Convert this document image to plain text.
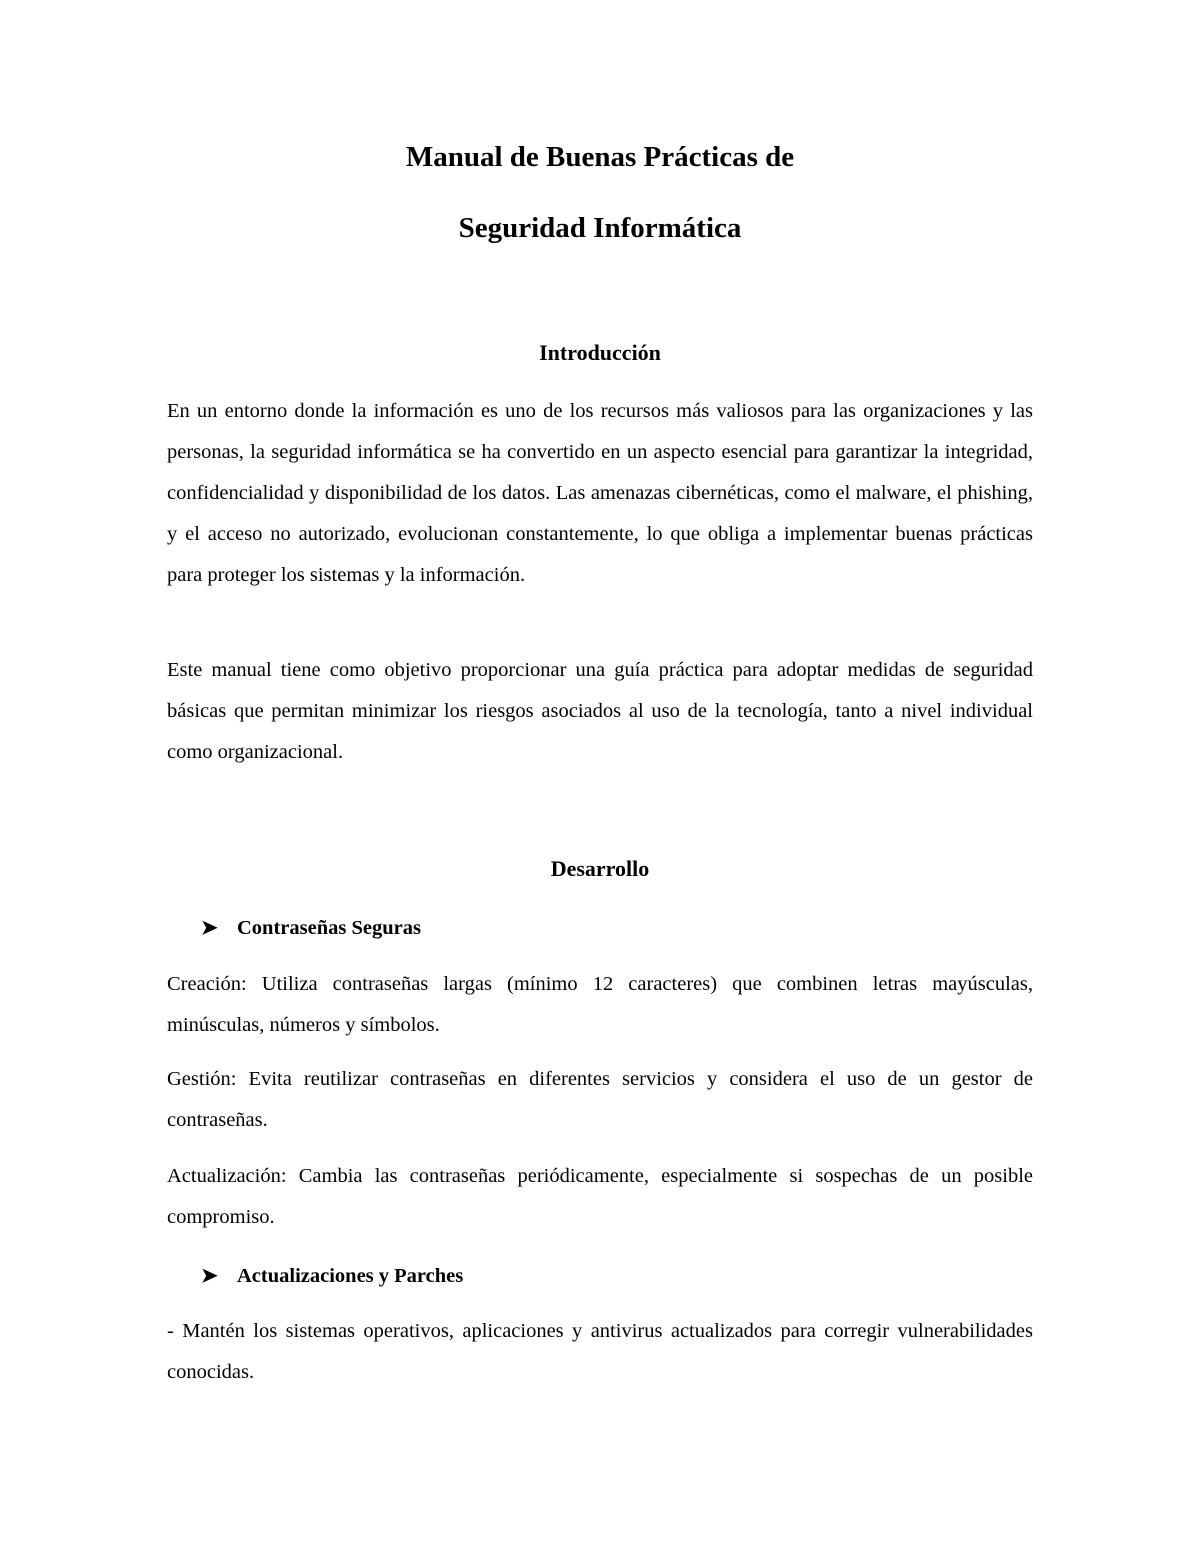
Manual de Buenas Prácticas de
Seguridad Informática
Introducción

En un entorno donde la información es uno de los recursos más valiosos para las organizaciones y las personas, la seguridad informática se ha convertido en un aspecto esencial para garantizar la integridad, confidencialidad y disponibilidad de los datos. Las amenazas cibernéticas, como el malware, el phishing, y el acceso no autorizado, evolucionan constantemente, lo que obliga a implementar buenas prácticas para proteger los sistemas y la información.

Este manual tiene como objetivo proporcionar una guía práctica para adoptar medidas de seguridad básicas que permitan minimizar los riesgos asociados al uso de la tecnología, tanto a nivel individual como organizacional.

Desarrollo
➤ Contraseñas Seguras

Creación: Utiliza contraseñas largas (mínimo 12 caracteres) que combinen letras mayúsculas, minúsculas, números y símbolos.

Gestión: Evita reutilizar contraseñas en diferentes servicios y considera el uso de un gestor de contraseñas.

Actualización: Cambia las contraseñas periódicamente, especialmente si sospechas de un posible compromiso.

➤ Actualizaciones y Parches

- Mantén los sistemas operativos, aplicaciones y antivirus actualizados para corregir vulnerabilidades conocidas.
